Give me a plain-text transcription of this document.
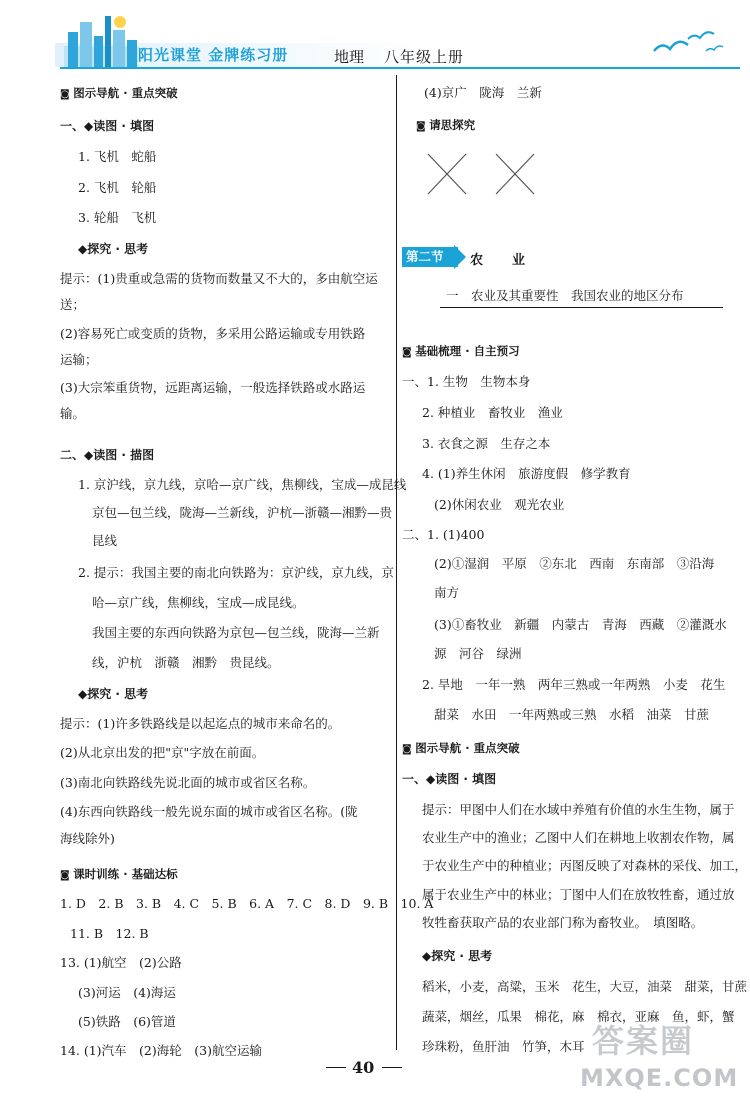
阳光课堂 金牌练习册	地理 八年级上册
◙ 图示导航 · 重点突破
一、◆读图 · 填图
1. 飞机　蛇船
2. 飞机　轮船
3. 轮船　飞机
◆探究 · 思考
提示：(1)贵重或急需的货物而数量又不大的，多由航空运
送；
(2)容易死亡或变质的货物，多采用公路运输或专用铁路
运输；
(3)大宗笨重货物，远距离运输，一般选择铁路或水路运
输。
二、◆读图 · 描图
1. 京沪线，京九线，京哈—京广线，焦柳线，宝成—成昆线
京包—包兰线，陇海—兰新线，沪杭—浙赣—湘黔—贵
昆线
2. 提示：我国主要的南北向铁路为：京沪线，京九线，京
哈—京广线，焦柳线，宝成—成昆线。
我国主要的东西向铁路为京包—包兰线，陇海—兰新
线，沪杭　浙赣　湘黔　贵昆线。
◆探究 · 思考
提示：(1)许多铁路线是以起迄点的城市来命名的。
(2)从北京出发的把"京"字放在前面。
(3)南北向铁路线先说北面的城市或省区名称。
(4)东西向铁路线一般先说东面的城市或省区名称。(陇
海线除外)
◙ 课时训练 · 基础达标
1. D　2. B　3. B　4. C　5. B　6. A　7. C　8. D　9. B　10. A
11. B　12. B
13. (1)航空　(2)公路
(3)河运　(4)海运
(5)铁路　(6)管道
14. (1)汽车　(2)海轮　(3)航空运输
(4)京广　陇海　兰新
◙ 请思探究
一　农业及其重要性　我国农业的地区分布
◙ 基础梳理 · 自主预习
一、1. 生物　生物本身
2. 种植业　畜牧业　渔业
3. 衣食之源　生存之本
4. (1)养生休闲　旅游度假　修学教育
(2)休闲农业　观光农业
二、1. (1)400
(2)①湿润　平原　②东北　西南　东南部　③沿海
南方
(3)①畜牧业　新疆　内蒙古　青海　西藏　②灌溉水
源　河谷　绿洲
2. 旱地　一年一熟　两年三熟或一年两熟　小麦　花生
甜菜　水田　一年两熟或三熟　水稻　油菜　甘蔗
◙ 图示导航 · 重点突破
一、◆读图 · 填图
提示：甲图中人们在水域中养殖有价值的水生生物，属于
农业生产中的渔业；乙图中人们在耕地上收割农作物，属
于农业生产中的种植业；丙图反映了对森林的采伐、加工，
属于农业生产中的林业；丁图中人们在放牧牲畜，通过放
牧牲畜获取产品的农业部门称为畜牧业。　填图略。
◆探究 · 思考
稻米，小麦，高粱，玉米　花生，大豆，油菜　甜菜，甘蔗
蔬菜，烟丝，瓜果　棉花，麻　棉衣，亚麻　鱼，虾，蟹
珍珠粉，鱼肝油　竹笋，木耳
第二节	农　　业
40
答案圈
MXQE.COM
